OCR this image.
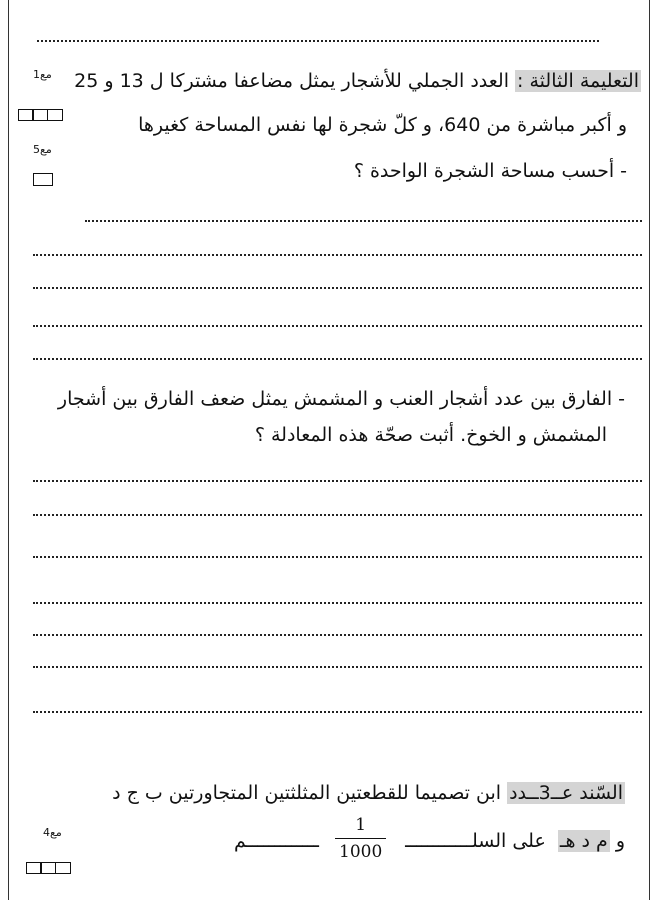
مع1
مع5
التعليمة الثالثة : العدد الجملي للأشجار يمثل مضاعفا مشتركا ل 13 و 25
و أكبر مباشرة من 640، و كلّ شجرة لها نفس المساحة كغيرها
- أحسب مساحة الشجرة الواحدة ؟
- الفارق بين عدد أشجار العنب و المشمش يمثل ضعف الفارق بين أشجار
المشمش و الخوخ. أثبت صحّة هذه المعادلة ؟
السّند عــ3ــدد ابن تصميما للقطعتين المثلثتين المتجاورتين ب ج د
مع4	و م د هـ  على السلــــــــــــ
1
1000
ـــــــــــــم
